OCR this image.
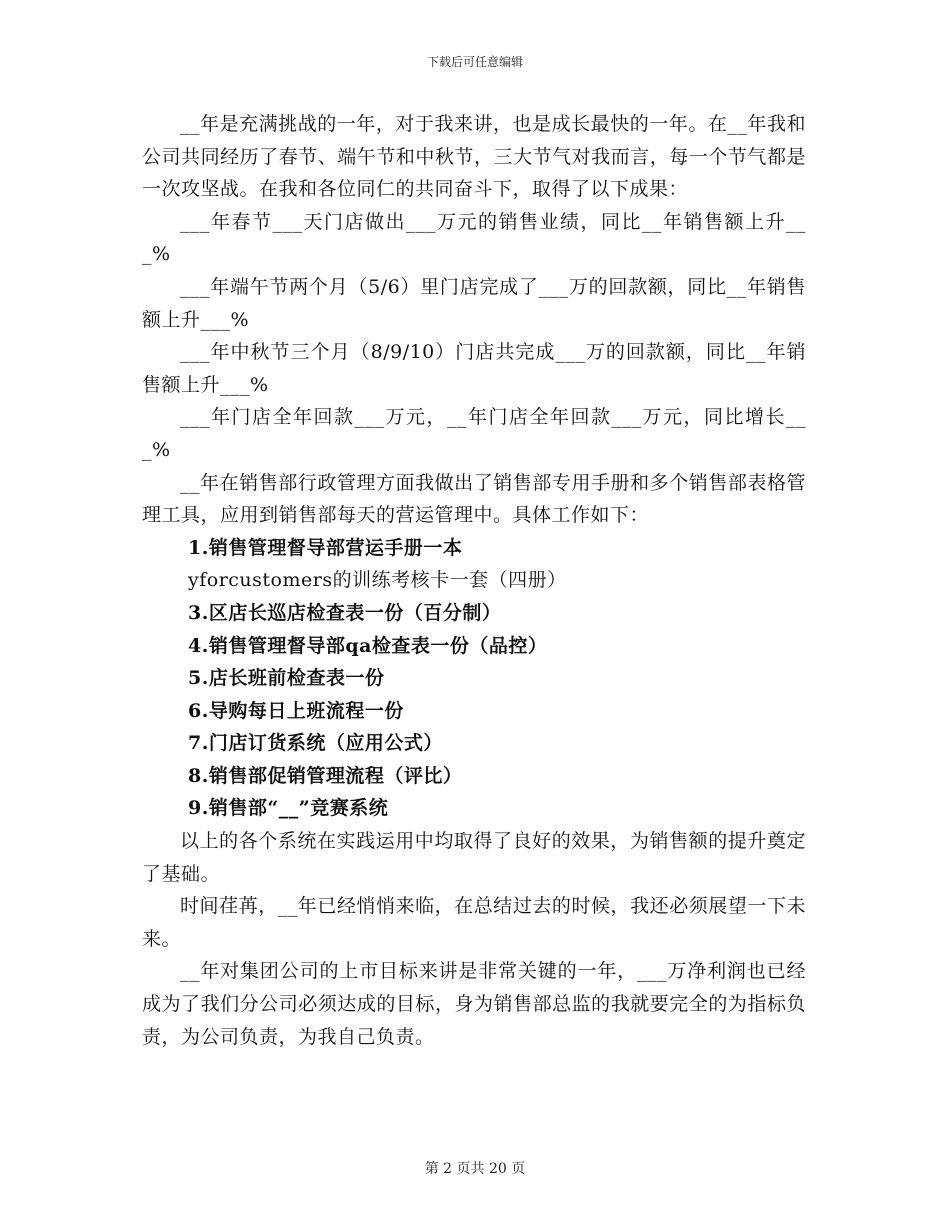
下载后可任意编辑

__年是充满挑战的一年，对于我来讲，也是成长最快的一年。在__年我和公司共同经历了春节、端午节和中秋节，三大节气对我而言，每一个节气都是一次攻坚战。在我和各位同仁的共同奋斗下，取得了以下成果：

___年春节___天门店做出___万元的销售业绩，同比__年销售额上升___%

___年端午节两个月（5/6）里门店完成了___万的回款额，同比__年销售额上升___%

___年中秋节三个月（8/9/10）门店共完成___万的回款额，同比__年销售额上升___%

___年门店全年回款___万元，__年门店全年回款___万元，同比增长___%

__年在销售部行政管理方面我做出了销售部专用手册和多个销售部表格管理工具，应用到销售部每天的营运管理中。具体工作如下：

1.销售管理督导部营运手册一本

yforcustomers的训练考核卡一套（四册）

3.区店长巡店检查表一份（百分制）

4.销售管理督导部qa检查表一份（品控）

5.店长班前检查表一份

6.导购每日上班流程一份

7.门店订货系统（应用公式）

8.销售部促销管理流程（评比）

9.销售部“__”竞赛系统

以上的各个系统在实践运用中均取得了良好的效果，为销售额的提升奠定了基础。

时间荏苒，__年已经悄悄来临，在总结过去的时候，我还必须展望一下未来。

__年对集团公司的上市目标来讲是非常关键的一年，___万净利润也已经成为了我们分公司必须达成的目标，身为销售部总监的我就要完全的为指标负责，为公司负责，为我自己负责。

第 2 页共 20 页
